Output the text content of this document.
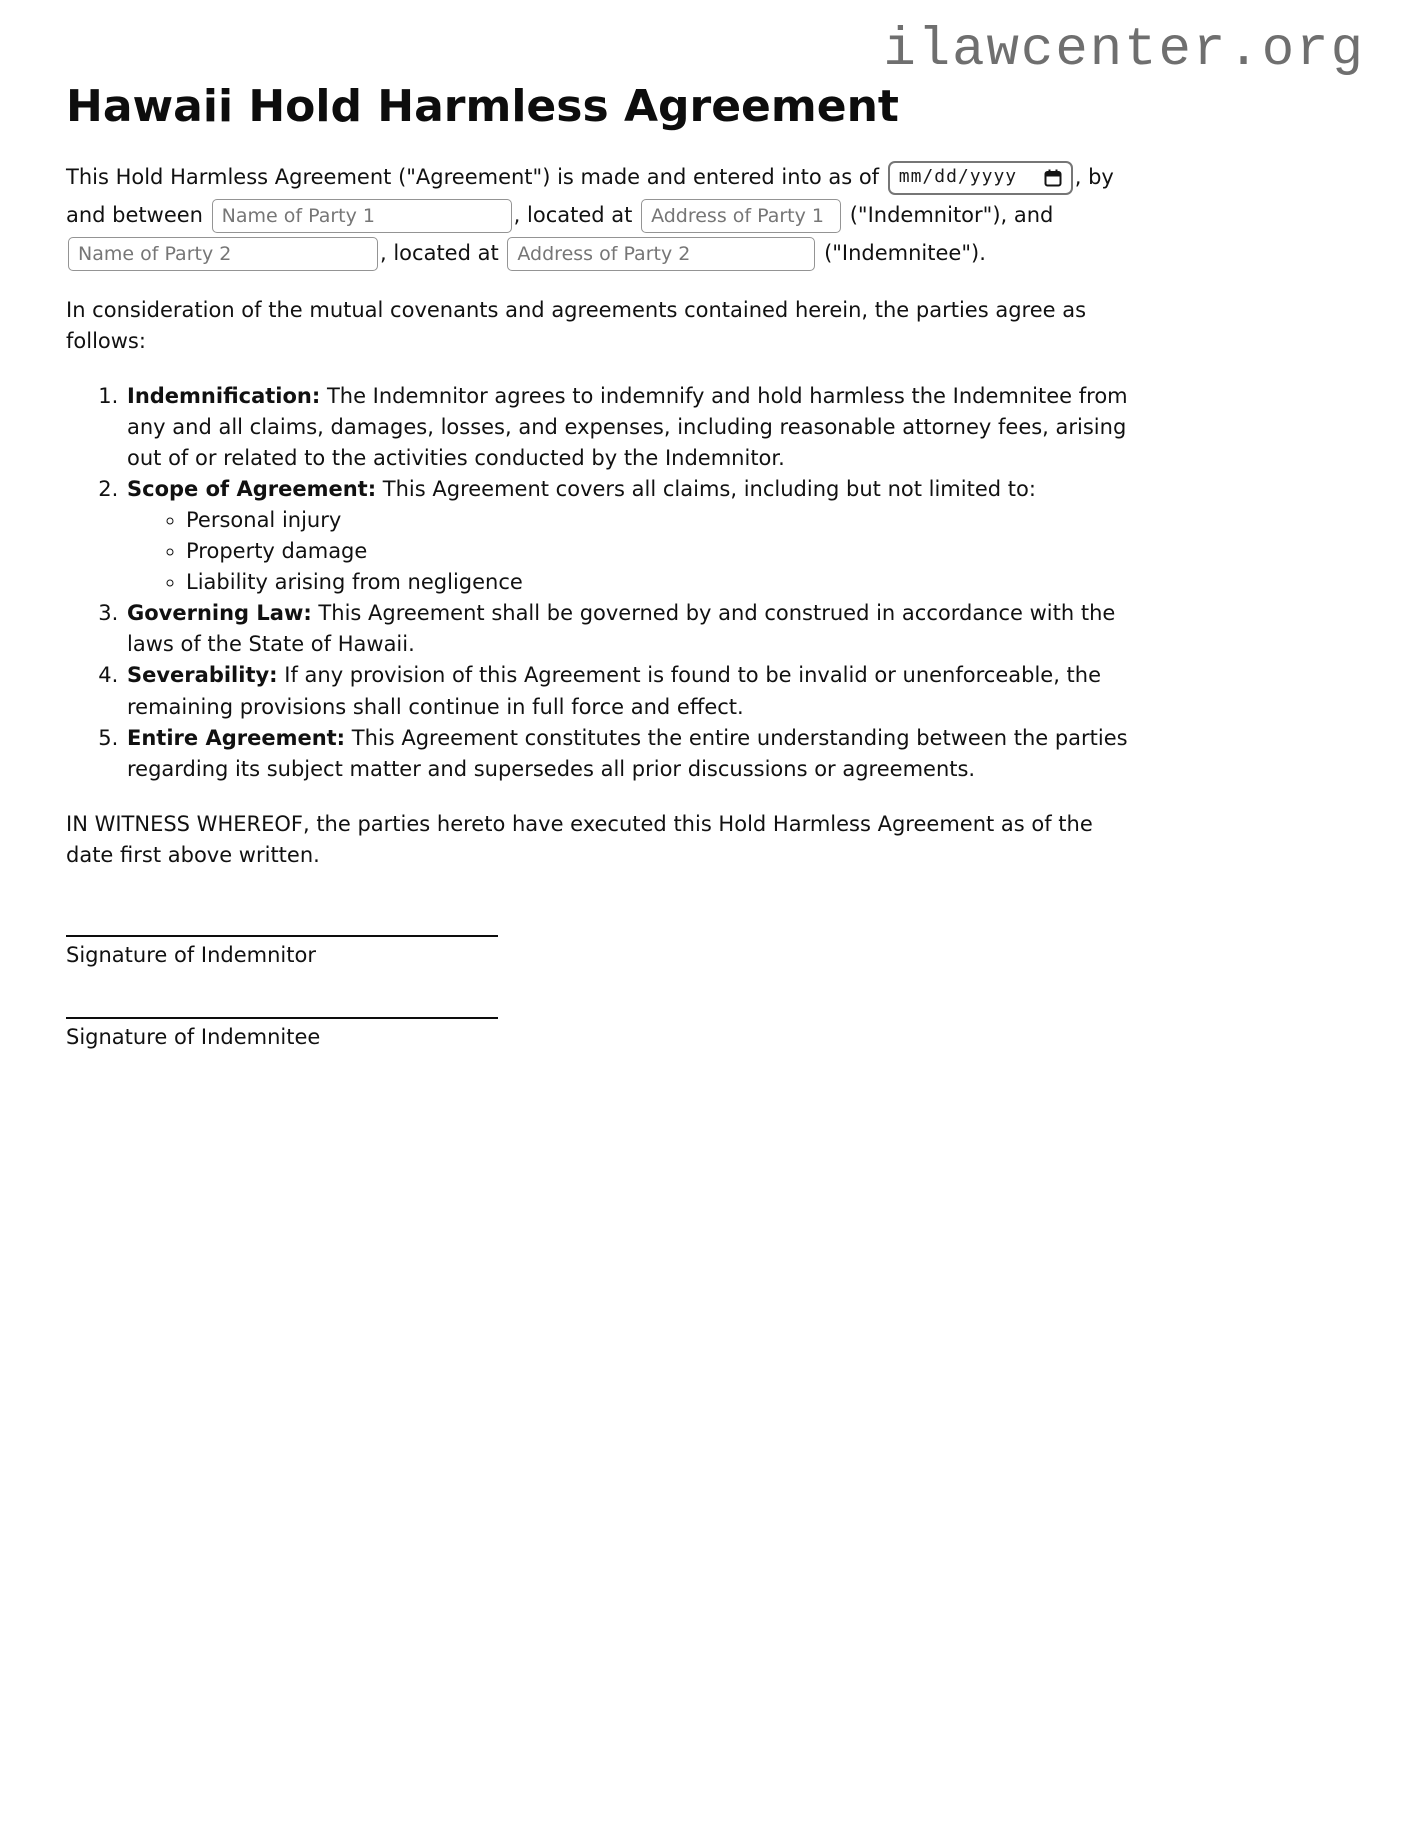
ilawcenter.org
Hawaii Hold Harmless Agreement

This Hold Harmless Agreement ("Agreement") is made and entered into as of mm/dd/yyyy	, by and between Name of Party 1	, located at Address of Party 1	("Indemnitor"), and Name of Party 2, located at Address of Party 2	("Indemnitee").

In consideration of the mutual covenants and agreements contained herein, the parties agree as follows:

1. Indemnification: The Indemnitor agrees to indemnify and hold harmless the Indemnitee from any and all claims, damages, losses, and expenses, including reasonable attorney fees, arising out of or related to the activities conducted by the Indemnitor.
2. Scope of Agreement: This Agreement covers all claims, including but not limited to:
◦ Personal injury
◦ Property damage
◦ Liability arising from negligence
3. Governing Law: This Agreement shall be governed by and construed in accordance with the laws of the State of Hawaii.
4. Severability: If any provision of this Agreement is found to be invalid or unenforceable, the remaining provisions shall continue in full force and effect.
5. Entire Agreement: This Agreement constitutes the entire understanding between the parties regarding its subject matter and supersedes all prior discussions or agreements.

IN WITNESS WHEREOF, the parties hereto have executed this Hold Harmless Agreement as of the date first above written.

Signature of Indemnitor
Signature of Indemnitee
